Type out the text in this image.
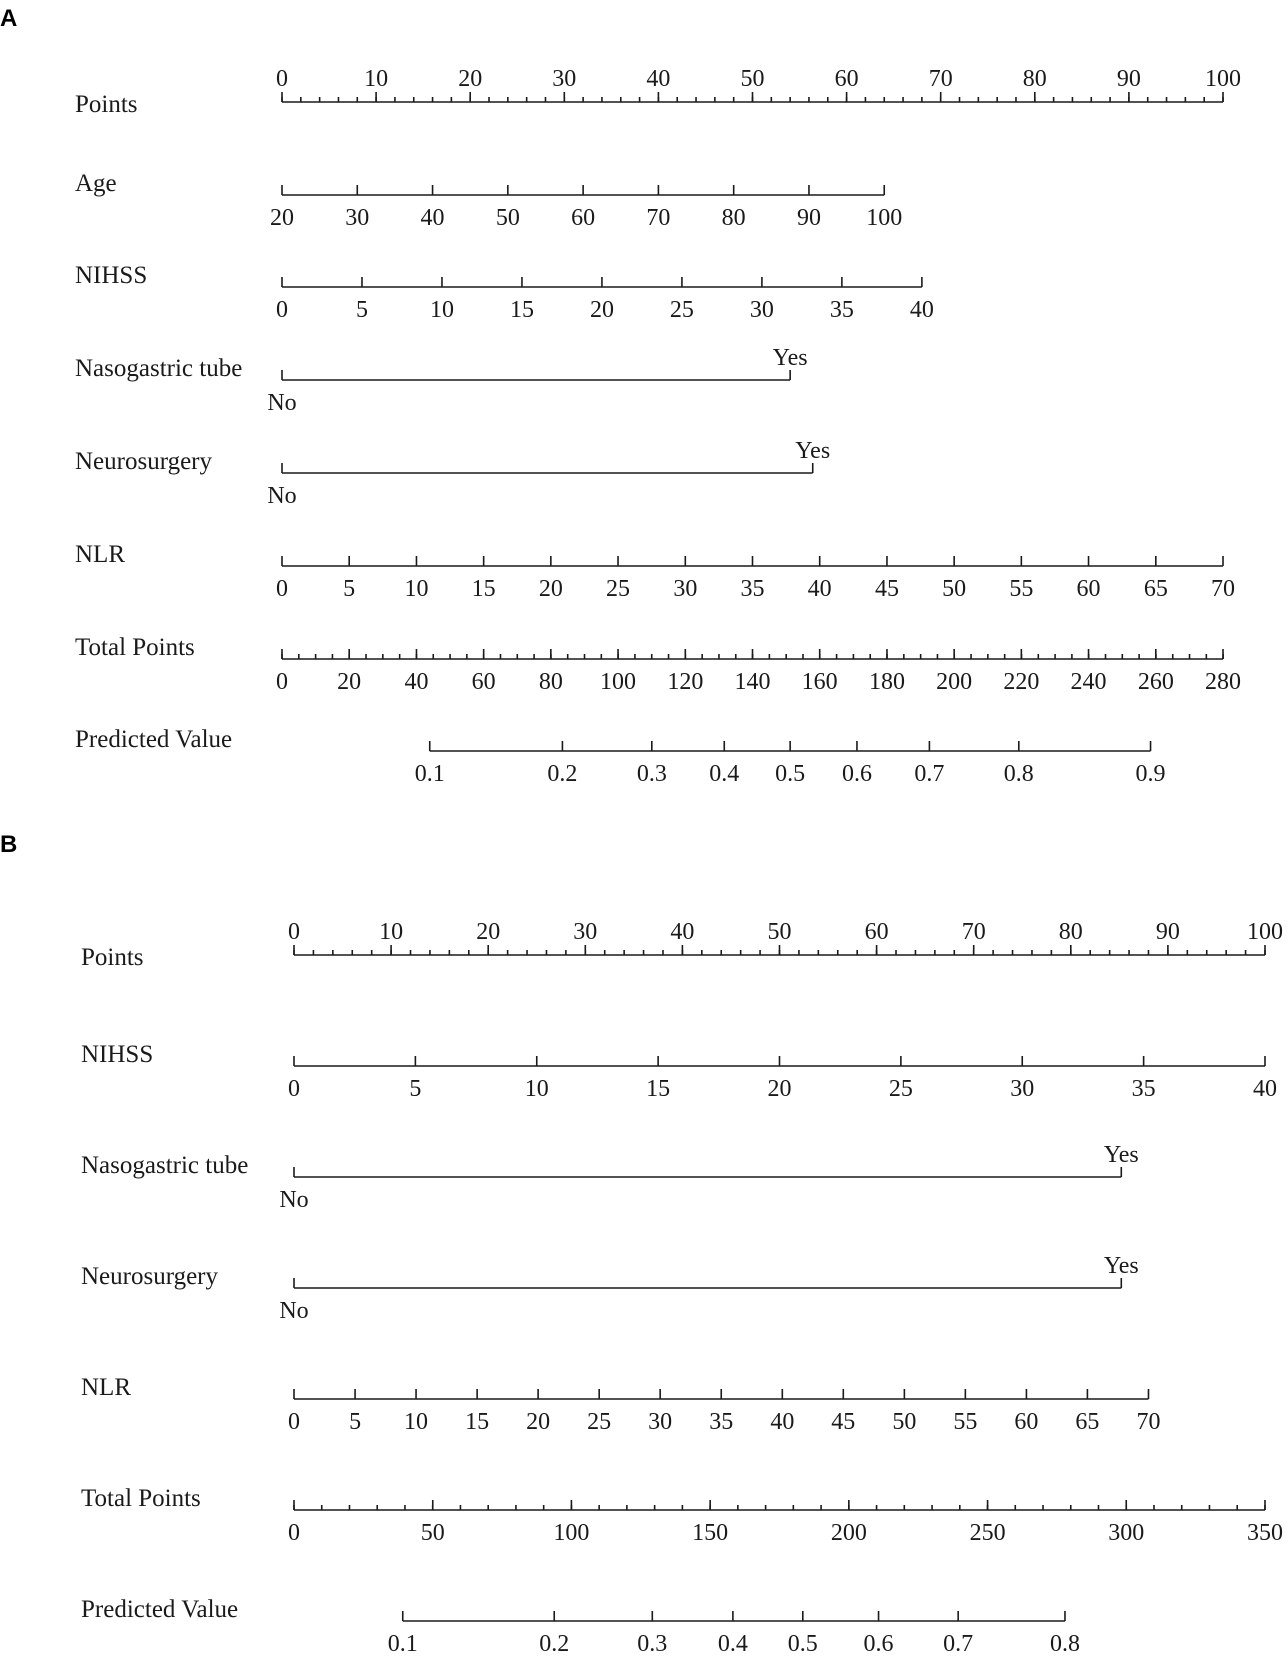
A
Points
0	10	20	30	40	50	60	70	80	90	100
Age
20 30 40 50 60 70 80 90 100
NIHSS
0	5	10 15 20 25 30 35 40
Nasogastric tube
No
Yes
Neurosurgery
No
Yes
NLR
0 5 10 15 20 25 30 35 40 45 50 55 60 65 70
Total Points
0 20 40 60 80 100 120 140 160 180 200 220 240 260 280
Predicted Value
0.1	0.2 0.3 0.4 0.5 0.6 0.7 0.8	0.9
B
Points
0	10	20	30	40	50	60	70	80	90	100
NIHSS
0	5	10	15	20	25	30	35	40
Nasogastric tube
No
Yes
Neurosurgery
No
Yes
NLR
0 5 10 15 20 25 30 35 40 45 50 55 60 65 70
Total Points
0	50	100	150	200	250	300	350
Predicted Value
0.1	0.2	0.3 0.4 0.5 0.6 0.7	0.8
